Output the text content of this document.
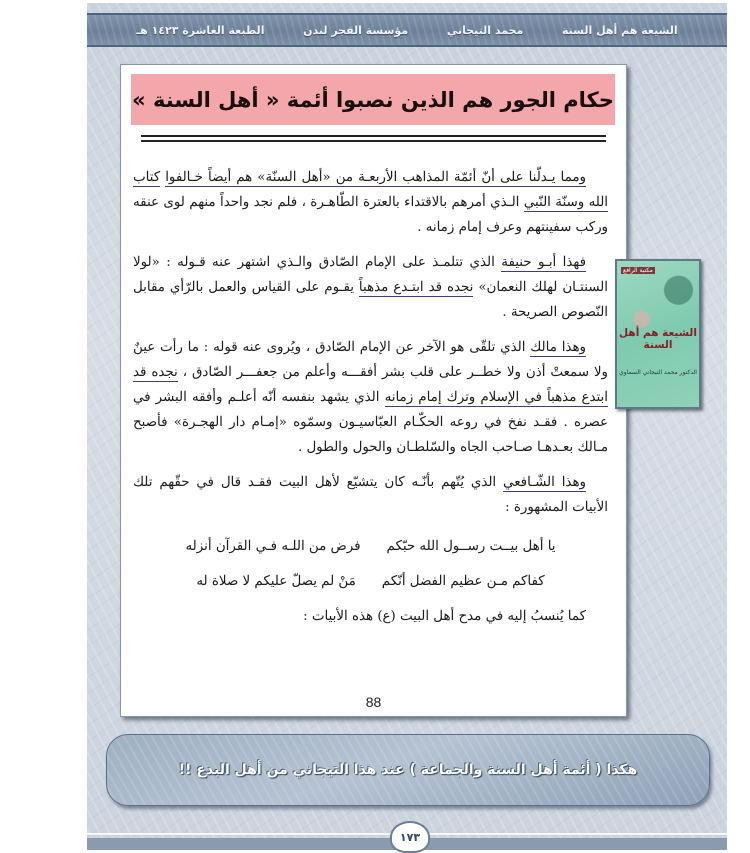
الشيعة هم أهل السنة
محمد التيجاني
مؤسسة الفجر لندن
الطبعة العاشرة ١٤٢٣ هـ
حكام الجور هم الذين نصبوا أئمة « أهل السنة »

ومما يـدلّنا على أنّ أئمّة المذاهب الأربعـة من «أهل السنّة» هم أيضاً خـالفوا كتاب الله وسنّة النّبي الـذي أمرهم بالاقتداء بالعترة الطّاهـرة ، فلم نجد واحداً منهم لوى عنقه وركب سفينتهم وعرف إمام زمانه .

فهذا أبـو حنيفة الذي تتلمـذ على الإمام الصّادق والـذي اشتهر عنه قـوله : «لولا السنتـان لهلك النعمان» نجده قد ابتـدع مذهباً يقـوم على القياس والعمل بالرّأي مقابل النّصوص الصريحة .

وهذا مالك الذي تلقّى هو الآخر عن الإمام الصّادق ، ويُروى عنه قوله : ما رأت عينٌ ولا سمعتْ أذن ولا خطــر على قلب بشر أفقـــه وأعلم من جعفـــر الصّادق ، نجده قد ابتدع مذهباً في الإسلام وترك إمام زمانه الذي يشهد بنفسه أنّه أعلـم وأفقه البشر في عصره . فقـد نفخ في روعه الحكّـام العبّاسيـون وسمّوه «إمـام دار الهجـرة» فأصبح مـالك بعـدهـا صـاحب الجاه والسّلطـان والحول والطول .

وهذا الشّـافعي الذي يُتّهم بأنّـه كان يتشيّع لأهل البيت فقـد قال في حقّهم تلك الأبيات المشهورة :

يا أهل بيــت رســول الله حبّكم
فرض من اللـه فـي القرآن أنزله
كفاكم مـن عظيم الفضل أنّكم
مَنْ لم يصلّ عليكم لا صلاة له

كما يُنسبُ إليه في مدح أهل البيت (ع) هذه الأبيات :

88
مكتبة الرافع
الشيعة هم أهل السنة
الدكتور محمد التيجاني السماوي
هكذا ( أئمة أهل السنة والجماعة ) عند هذا التيجاني من أهل البدع !!
١٧٣
